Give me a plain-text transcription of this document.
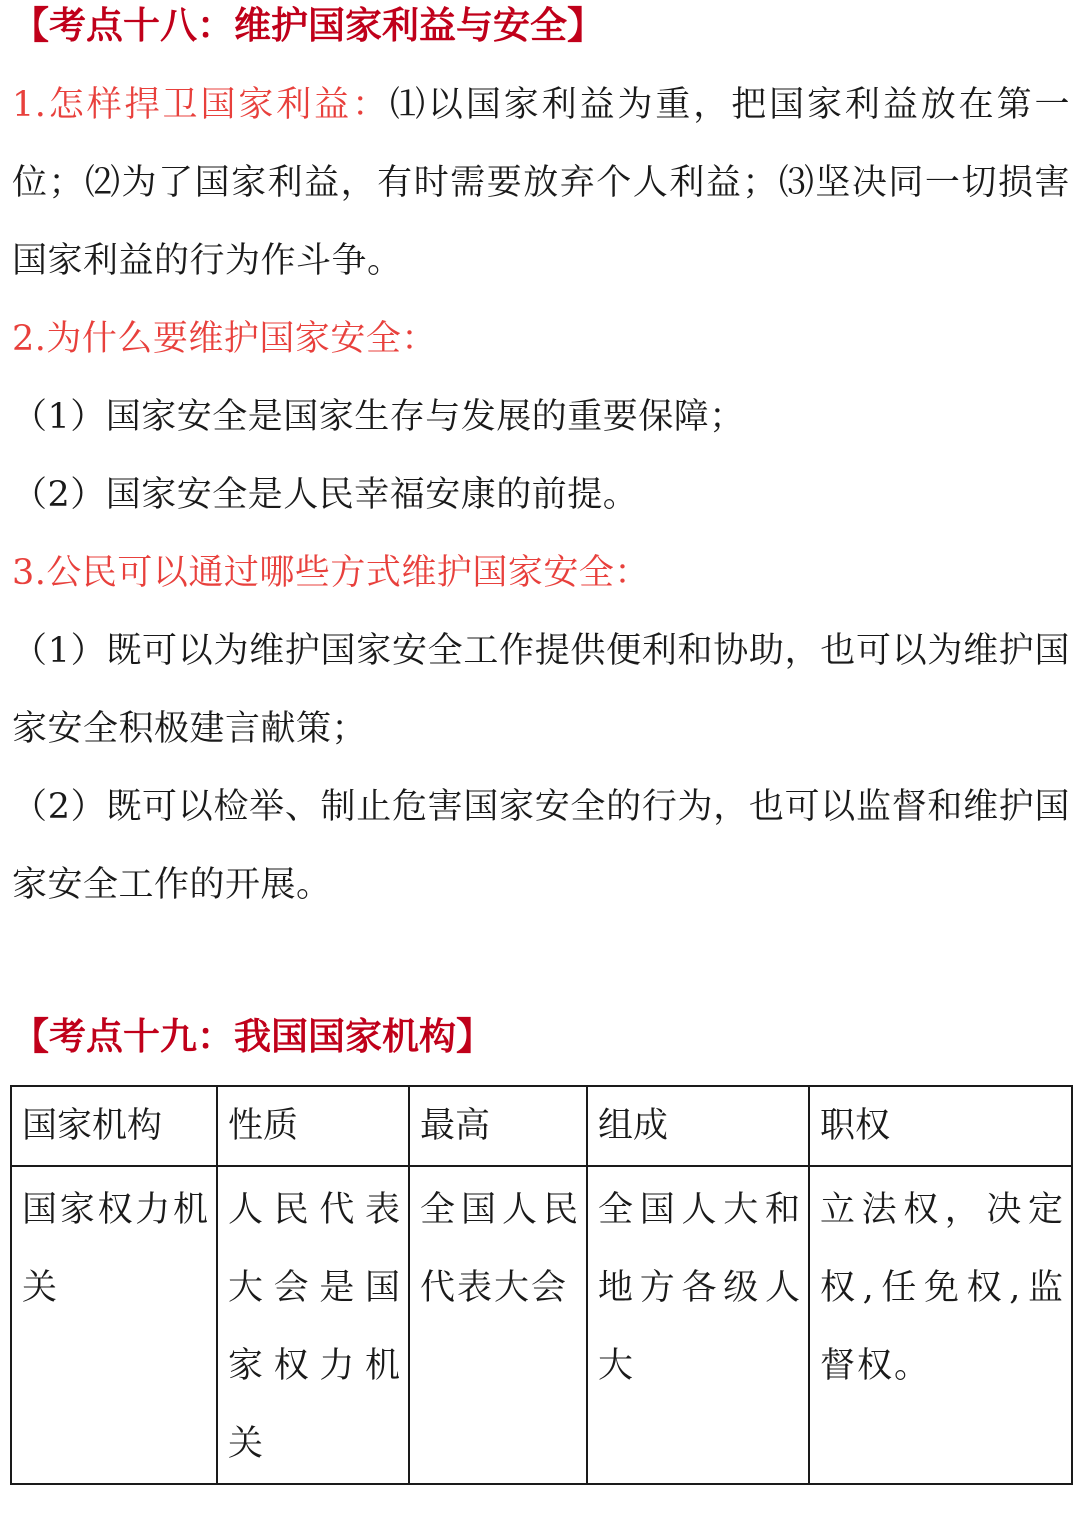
【考点十八：维护国家利益与安全】

1.怎样捍卫国家利益：⑴以国家利益为重，把国家利益放在第一位；⑵为了国家利益，有时需要放弃个人利益；⑶坚决同一切损害国家利益的行为作斗争。

2.为什么要维护国家安全：

（1）国家安全是国家生存与发展的重要保障；

（2）国家安全是人民幸福安康的前提。

3.公民可以通过哪些方式维护国家安全：

（1）既可以为维护国家安全工作提供便利和协助，也可以为维护国家安全积极建言献策；

（2）既可以检举、制止危害国家安全的行为，也可以监督和维护国家安全工作的开展。

【考点十九：我国国家机构】
国家机构	性质	最高	组成	职权
国家权力机关	人民代表大会是国家权力机关	全国人民代表大会	全国人大和地方各级人大	立法权，决定权,任免权,监督权。
